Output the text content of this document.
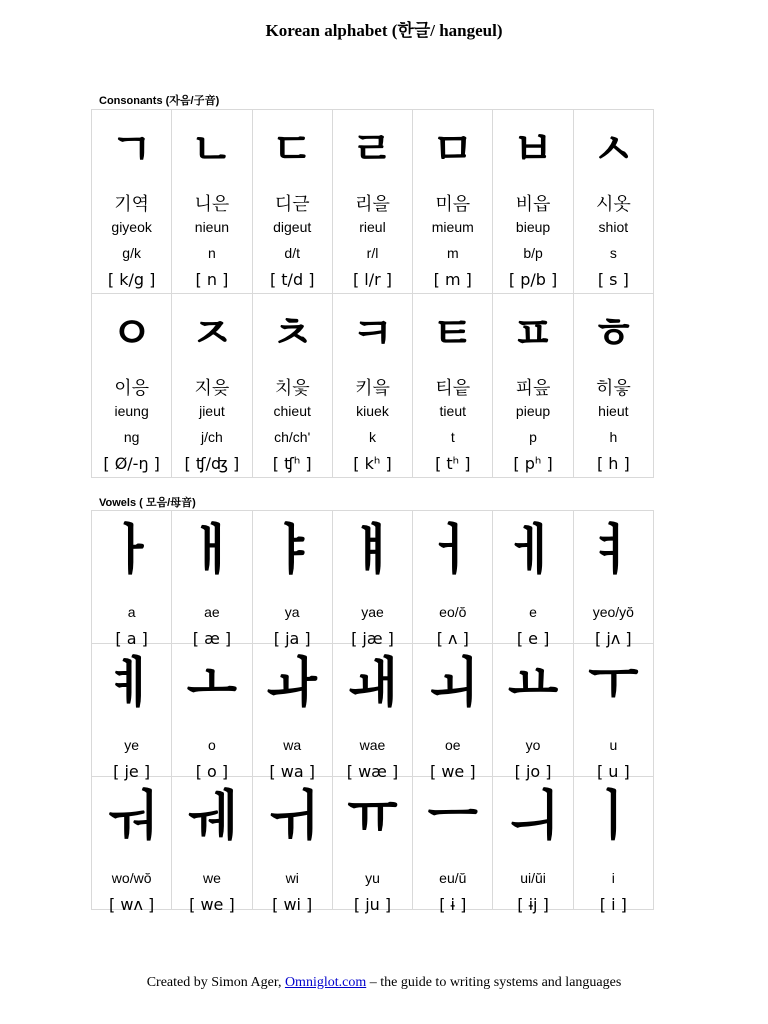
Korean alphabet (한글/ hangeul)
Consonants (자음/子音)
ㄱ
기역
giyeok
g/k
[ k/g ]
ㄴ
니은
nieun
n
[ n ]
ㄷ
디귿
digeut
d/t
[ t/d ]
ㄹ
리을
rieul
r/l
[ l/r ]
ㅁ
미음
mieum
m
[ m ]
ㅂ
비읍
bieup
b/p
[ p/b ]
ㅅ
시옷
shiot
s
[ s ]
ㅇ
이응
ieung
ng
[ Ø/-ŋ ]
ㅈ
지읒
jieut
j/ch
[ ʧ/ʤ ]
ㅊ
치읓
chieut
ch/ch'
[ ʧʰ ]
ㅋ
키읔
kiuek
k
[ kʰ ]
ㅌ
티읕
tieut
t
[ tʰ ]
ㅍ
피읖
pieup
p
[ pʰ ]
ㅎ
히읗
hieut
h
[ h ]
Vowels ( 모음/母音)
ㅏ
a
[ a ]
ㅐ
ae
[ æ ]
ㅑ
ya
[ ja ]
ㅒ
yae
[ jæ ]
ㅓ
eo/ŏ
[ ʌ ]
ㅔ
e
[ e ]
ㅕ
yeo/yŏ
[ jʌ ]
ㅖ
ye
[ je ]
ㅗ
o
[ o ]
ㅘ
wa
[ wa ]
ㅙ
wae
[ wæ ]
ㅚ
oe
[ we ]
ㅛ
yo
[ jo ]
ㅜ
u
[ u ]
ㅝ
wo/wŏ
[ wʌ ]
ㅞ
we
[ we ]
ㅟ
wi
[ wi ]
ㅠ
yu
[ ju ]
ㅡ
eu/ŭ
[ ɨ ]
ㅢ
ui/ŭi
[ ɨj ]
ㅣ
i
[ i ]
Created by Simon Ager, Omniglot.com – the guide to writing systems and languages
